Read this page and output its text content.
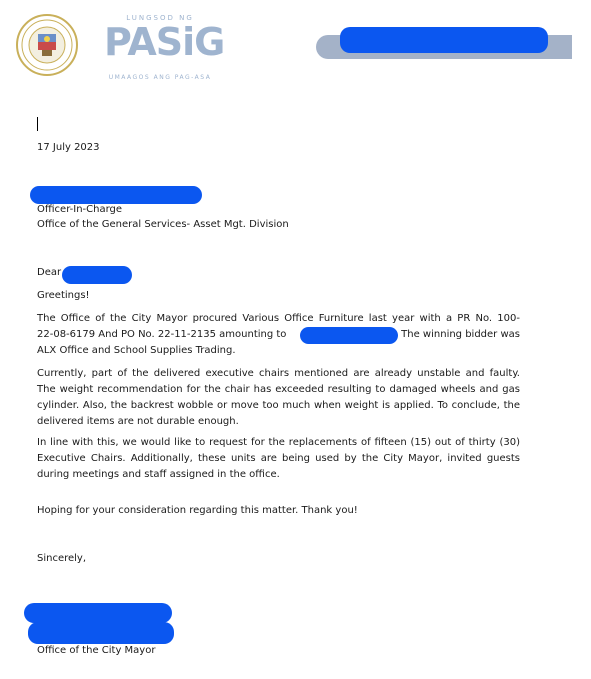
LUNGSOD NG
PASiG
UMAAGOS ANG PAG-ASA
17 July 2023
Officer-In-Charge
Office of the General Services- Asset Mgt. Division
Dear
Greetings!
The Office of the City Mayor procured Various Office Furniture last year with a PR No. 100-
22-08-6179 And PO No. 22-11-2135 amounting to	The winning bidder was
ALX Office and School Supplies Trading.
Currently, part of the delivered executive chairs mentioned are already unstable and faulty.
The weight recommendation for the chair has exceeded resulting to damaged wheels and gas
cylinder. Also, the backrest wobble or move too much when weight is applied. To conclude, the
delivered items are not durable enough.
In line with this, we would like to request for the replacements of fifteen (15) out of thirty (30)
Executive Chairs. Additionally, these units are being used by the City Mayor, invited guests
during meetings and staff assigned in the office.
Hoping for your consideration regarding this matter. Thank you!
Sincerely,
Office of the City Mayor
